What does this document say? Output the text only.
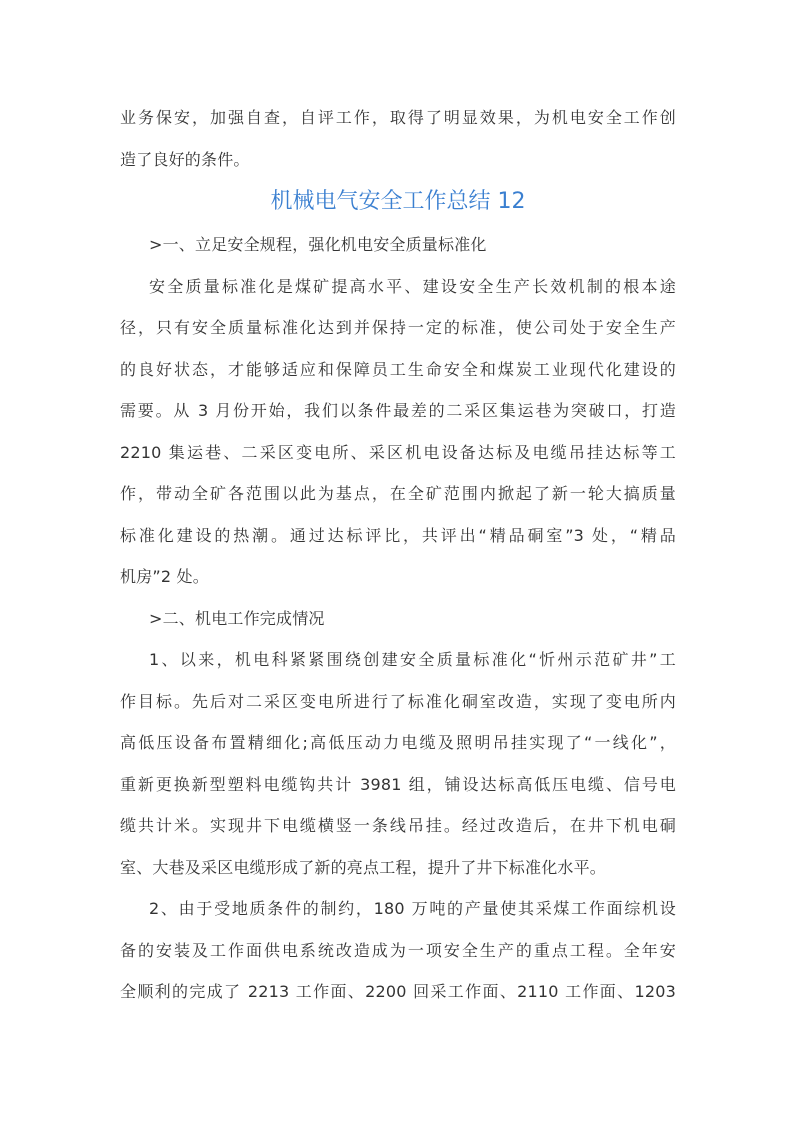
业务保安，加强自查，自评工作，取得了明显效果，为机电安全工作创
造了良好的条件。
机械电气安全工作总结 12
>一、立足安全规程，强化机电安全质量标准化
安全质量标准化是煤矿提高水平、建设安全生产长效机制的根本途
径，只有安全质量标准化达到并保持一定的标准，使公司处于安全生产
的良好状态，才能够适应和保障员工生命安全和煤炭工业现代化建设的
需要。从 3 月份开始，我们以条件最差的二采区集运巷为突破口，打造
2210 集运巷、二采区变电所、采区机电设备达标及电缆吊挂达标等工
作，带动全矿各范围以此为基点，在全矿范围内掀起了新一轮大搞质量
标准化建设的热潮。通过达标评比，共评出“精品硐室”3 处，“精品
机房”2 处。
>二、机电工作完成情况
1、以来，机电科紧紧围绕创建安全质量标准化“忻州示范矿井”工
作目标。先后对二采区变电所进行了标准化硐室改造，实现了变电所内
高低压设备布置精细化;高低压动力电缆及照明吊挂实现了“一线化”，
重新更换新型塑料电缆钩共计 3981 组，铺设达标高低压电缆、信号电
缆共计米。实现井下电缆横竖一条线吊挂。经过改造后，在井下机电硐
室、大巷及采区电缆形成了新的亮点工程，提升了井下标准化水平。
2、由于受地质条件的制约，180 万吨的产量使其采煤工作面综机设
备的安装及工作面供电系统改造成为一项安全生产的重点工程。全年安
全顺利的完成了 2213 工作面、2200 回采工作面、2110 工作面、1203
